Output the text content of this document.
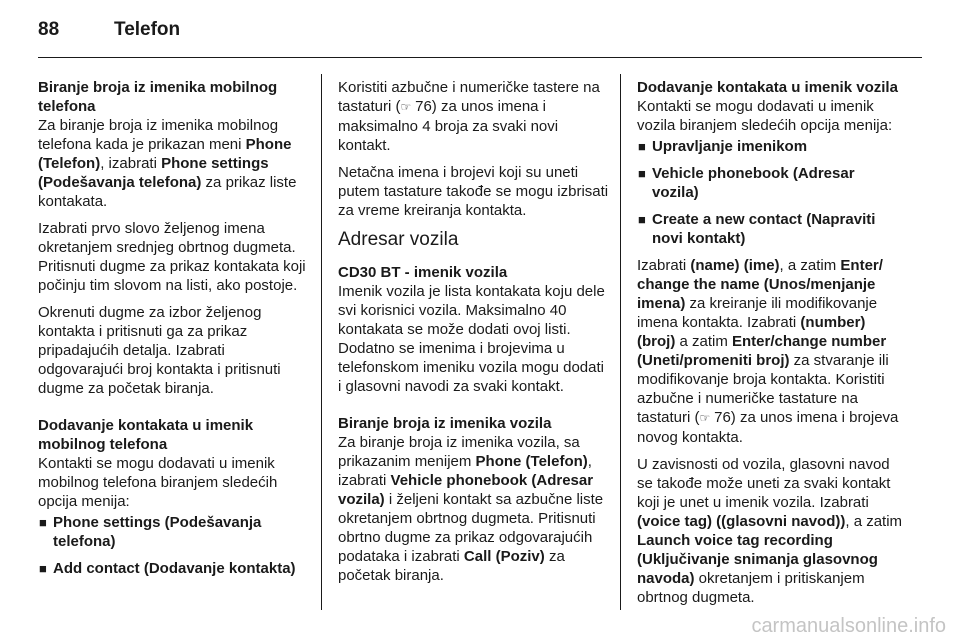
88	Telefon

Biranje broja iz imenika mobilnog telefona

Za biranje broja iz imenika mobilnog telefona kada je prikazan meni Phone (Telefon), izabrati Phone settings (Podešavanja telefona) za prikaz liste kontakata.

Izabrati prvo slovo željenog imena okretanjem srednjeg obrtnog dugmeta. Pritisnuti dugme za prikaz kontakata koji počinju tim slovom na listi, ako postoje.

Okrenuti dugme za izbor željenog kontakta i pritisnuti ga za prikaz pripadajućih detalja. Izabrati odgovarajući broj kontakta i pritisnuti dugme za početak biranja.

Dodavanje kontakata u imenik mobilnog telefona

Kontakti se mogu dodavati u imenik mobilnog telefona biranjem sledećih opcija menija:

■ Phone settings (Podešavanja telefona)
■ Add contact (Dodavanje kontakta)

Koristiti azbučne i numeričke tastere na tastaturi (☞ 76) za unos imena i maksimalno 4 broja za svaki novi kontakt.

Netačna imena i brojevi koji su uneti putem tastature takođe se mogu izbrisati za vreme kreiranja kontakta.

Adresar vozila

CD30 BT - imenik vozila

Imenik vozila je lista kontakata koju dele svi korisnici vozila. Maksimalno 40 kontakata se može dodati ovoj listi. Dodatno se imenima i brojevima u telefonskom imeniku vozila mogu dodati i glasovni navodi za svaki kontakt.

Biranje broja iz imenika vozila

Za biranje broja iz imenika vozila, sa prikazanim menijem Phone (Telefon), izabrati Vehicle phonebook (Adresar vozila) i željeni kontakt sa azbučne liste okretanjem obrtnog dugmeta. Pritisnuti obrtno dugme za prikaz odgovarajućih podataka i izabrati Call (Poziv) za početak biranja.

Dodavanje kontakata u imenik vozila

Kontakti se mogu dodavati u imenik vozila biranjem sledećih opcija menija:

■ Upravljanje imenikom
■ Vehicle phonebook (Adresar vozila)
■ Create a new contact (Napraviti novi kontakt)

Izabrati (name) (ime), a zatim Enter/ change the name (Unos/menjanje imena) za kreiranje ili modifikovanje imena kontakta. Izabrati (number) (broj) a zatim Enter/change number (Uneti/promeniti broj) za stvaranje ili modifikovanje broja kontakta. Koristiti azbučne i numeričke tastature na tastaturi (☞ 76) za unos imena i brojeva novog kontakta.

U zavisnosti od vozila, glasovni navod se takođe može uneti za svaki kontakt koji je unet u imenik vozila. Izabrati (voice tag) ((glasovni navod)), a zatim Launch voice tag recording (Uključivanje snimanja glasovnog navoda) okretanjem i pritiskanjem obrtnog dugmeta.

carmanualsonline.info
